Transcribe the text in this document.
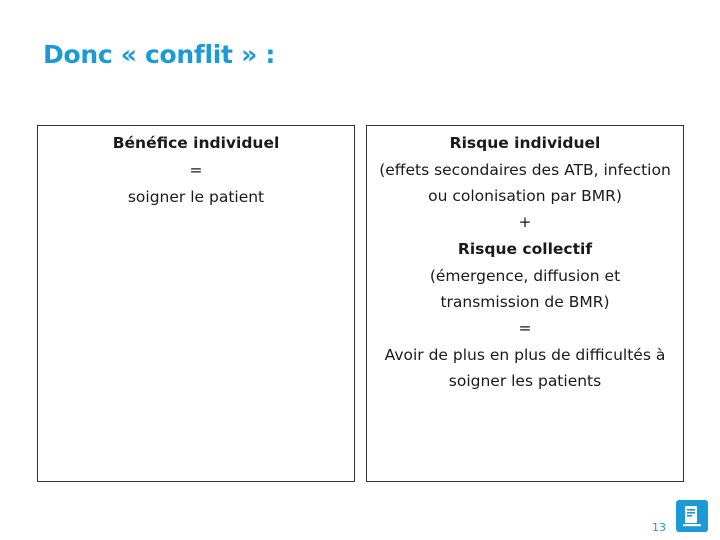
Donc « conflit » :
Bénéfice individuel
=
soigner le patient
Risque individuel
(effets secondaires des ATB, infection ou colonisation par BMR)
+
Risque collectif
(émergence, diffusion et transmission de BMR)
=
Avoir de plus en plus de difficultés à soigner les patients
13
